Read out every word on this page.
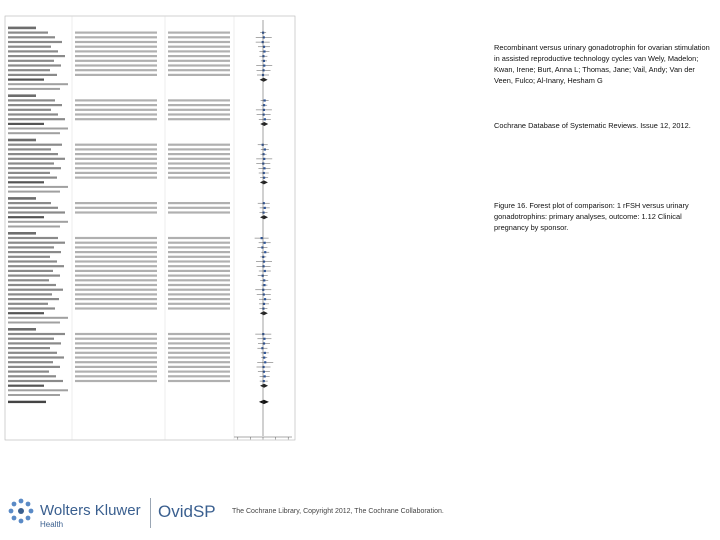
Recombinant versus urinary gonadotrophin for ovarian stimulation in assisted reproductive technology cycles van Wely, Madelon; Kwan, Irene; Burt, Anna L; Thomas, Jane; Vail, Andy; Van der Veen, Fulco; Al-Inany, Hesham G
Cochrane Database of Systematic Reviews. Issue 12, 2012.
Figure 16. Forest plot of comparison: 1 rFSH versus urinary gonadotrophins: primary analyses, outcome: 1.12 Clinical pregnancy by sponsor.
Wolters Kluwer
Health
OvidSP The Cochrane Library, Copyright 2012, The Cochrane Collaboration.
